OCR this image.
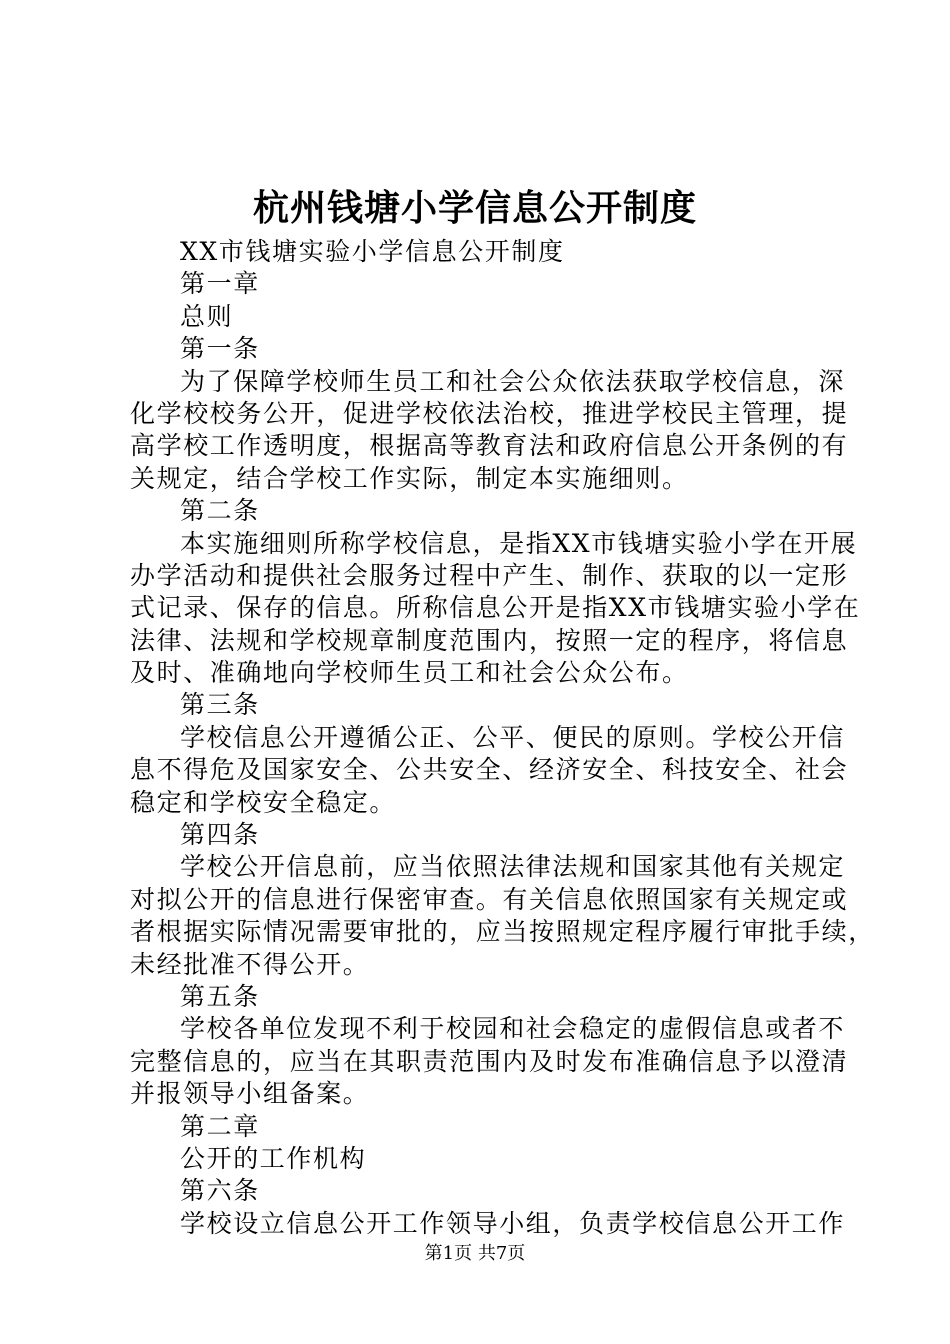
杭州钱塘小学信息公开制度
XX市钱塘实验小学信息公开制度
第一章
总则
第一条
为了保障学校师生员工和社会公众依法获取学校信息，深
化学校校务公开，促进学校依法治校，推进学校民主管理，提
高学校工作透明度，根据高等教育法和政府信息公开条例的有
关规定，结合学校工作实际，制定本实施细则。
第二条
本实施细则所称学校信息，是指XX市钱塘实验小学在开展
办学活动和提供社会服务过程中产生、制作、获取的以一定形
式记录、保存的信息。所称信息公开是指XX市钱塘实验小学在
法律、法规和学校规章制度范围内，按照一定的程序，将信息
及时、准确地向学校师生员工和社会公众公布。
第三条
学校信息公开遵循公正、公平、便民的原则。学校公开信
息不得危及国家安全、公共安全、经济安全、科技安全、社会
稳定和学校安全稳定。
第四条
学校公开信息前，应当依照法律法规和国家其他有关规定
对拟公开的信息进行保密审查。有关信息依照国家有关规定或
者根据实际情况需要审批的，应当按照规定程序履行审批手续，
未经批准不得公开。
第五条
学校各单位发现不利于校园和社会稳定的虚假信息或者不
完整信息的，应当在其职责范围内及时发布准确信息予以澄清
并报领导小组备案。
第二章
公开的工作机构
第六条
学校设立信息公开工作领导小组，负责学校信息公开工作
第1页 共7页
